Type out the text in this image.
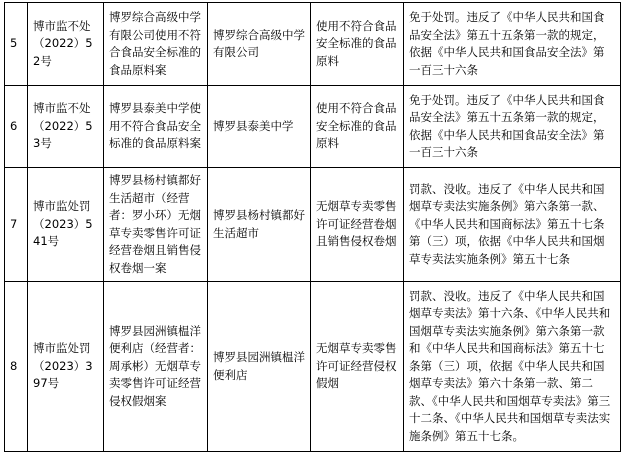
5	博市监不处（2022）52号	博罗综合高级中学有限公司使用不符合食品安全标准的食品原料案	博罗综合高级中学有限公司	使用不符合食品安全标准的食品原料	免于处罚。违反了《中华人民共和国食品安全法》第五十五条第一款的规定，依据《中华人民共和国食品安全法》第一百三十六条
6	博市监不处（2022）53号	博罗县泰美中学使用不符合食品安全标准的食品原料案	博罗县泰美中学	使用不符合食品安全标准的食品原料	免于处罚。违反了《中华人民共和国食品安全法》第五十五条第一款的规定，依据《中华人民共和国食品安全法》第一百三十六条
7	博市监处罚（2023）541号	博罗县杨村镇都好生活超市（经营者：罗小环）无烟草专卖零售许可证经营卷烟且销售侵权卷烟一案	博罗县杨村镇都好生活超市	无烟草专卖零售许可证经营卷烟且销售侵权卷烟	罚款、没收。违反了《中华人民共和国烟草专卖法实施条例》第六条第一款、《中华人民共和国商标法》第五十七条第（三）项，依据《中华人民共和国烟草专卖法实施条例》第五十七条
8	博市监处罚（2023）397号	博罗县园洲镇榅洋便利店（经营者：周承彬）无烟草专卖零售许可证经营侵权假烟案	博罗县园洲镇榅洋便利店	无烟草专卖零售许可证经营侵权假烟	罚款、没收。违反了《中华人民共和国烟草专卖法》第十六条、《中华人民共和国烟草专卖法实施条例》第六条第一款和《中华人民共和国商标法》第五十七条第（三）项，依据《中华人民共和国烟草专卖法》第六十条第一款、第二款、《中华人民共和国烟草专卖法》第三十二条、《中华人民共和国烟草专卖法实施条例》第五十七条。
